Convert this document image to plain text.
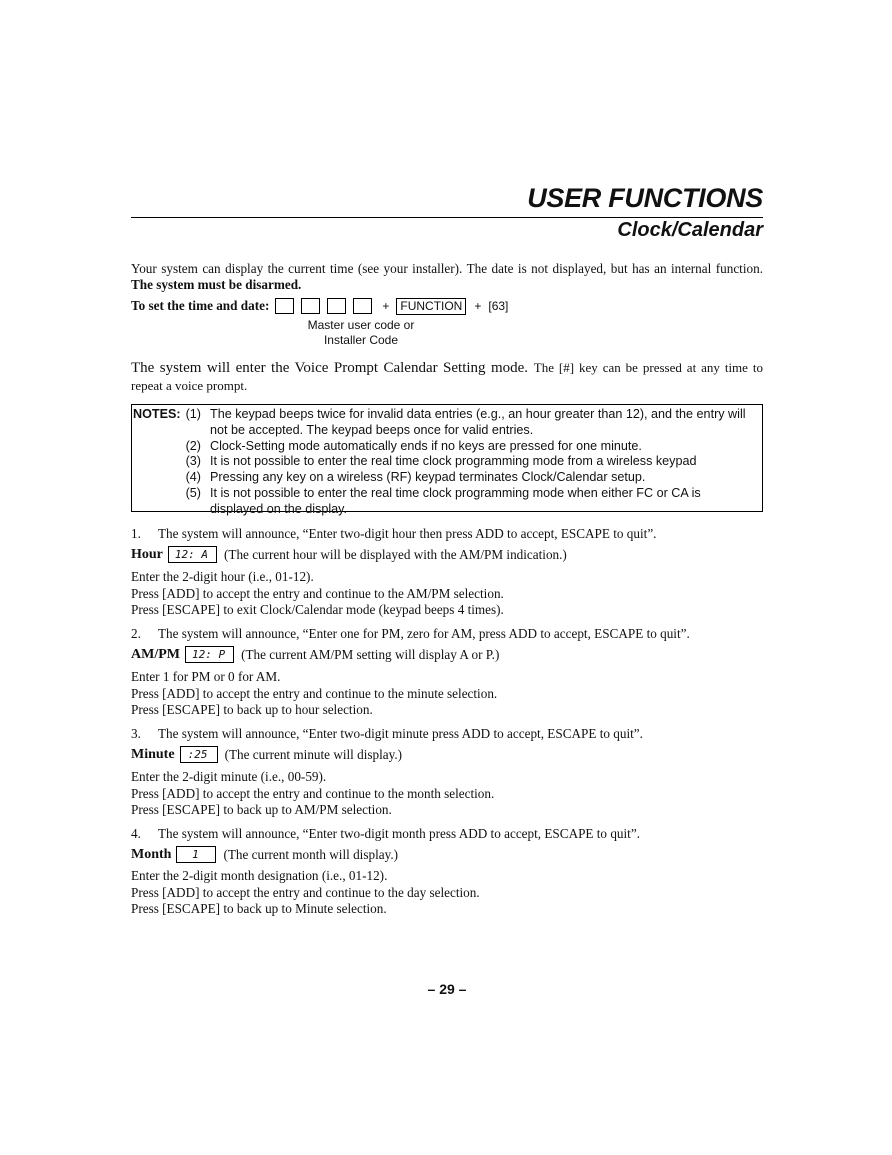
USER FUNCTIONS
Clock/Calendar
Your system can display the current time (see your installer). The date is not displayed, but has an internal function. The system must be disarmed.
To set the time and date:	+ FUNCTION	+ [63]
Master user code or
Installer Code
The system will enter the Voice Prompt Calendar Setting mode. The [#] key can be pressed at any time to repeat a voice prompt.
NOTES: (1) The keypad beeps twice for invalid data entries (e.g., an hour greater than 12), and the entry will not be accepted. The keypad beeps once for valid entries.
(2) Clock-Setting mode automatically ends if no keys are pressed for one minute.
(3) It is not possible to enter the real time clock programming mode from a wireless keypad
(4) Pressing any key on a wireless (RF) keypad terminates Clock/Calendar setup.
(5) It is not possible to enter the real time clock programming mode when either FC or CA is displayed on the display.
1. The system will announce, “Enter two-digit hour then press ADD to accept, ESCAPE to quit”.
Hour	12: A	(The current hour will be displayed with the AM/PM indication.)
Enter the 2-digit hour (i.e., 01-12).
Press [ADD] to accept the entry and continue to the AM/PM selection.
Press [ESCAPE] to exit Clock/Calendar mode (keypad beeps 4 times).
2. The system will announce, “Enter one for PM, zero for AM, press ADD to accept, ESCAPE to quit”.
AM/PM	12: P	(The current AM/PM setting will display A or P.)
Enter 1 for PM or 0 for AM.
Press [ADD] to accept the entry and continue to the minute selection.
Press [ESCAPE] to back up to hour selection.
3. The system will announce, “Enter two-digit minute press ADD to accept, ESCAPE to quit”.
Minute	:25	(The current minute will display.)
Enter the 2-digit minute (i.e., 00-59).
Press [ADD] to accept the entry and continue to the month selection.
Press [ESCAPE] to back up to AM/PM selection.
4. The system will announce, “Enter two-digit month press ADD to accept, ESCAPE to quit”.
Month	1	(The current month will display.)
Enter the 2-digit month designation (i.e., 01-12).
Press [ADD] to accept the entry and continue to the day selection.
Press [ESCAPE] to back up to Minute selection.
– 29 –
